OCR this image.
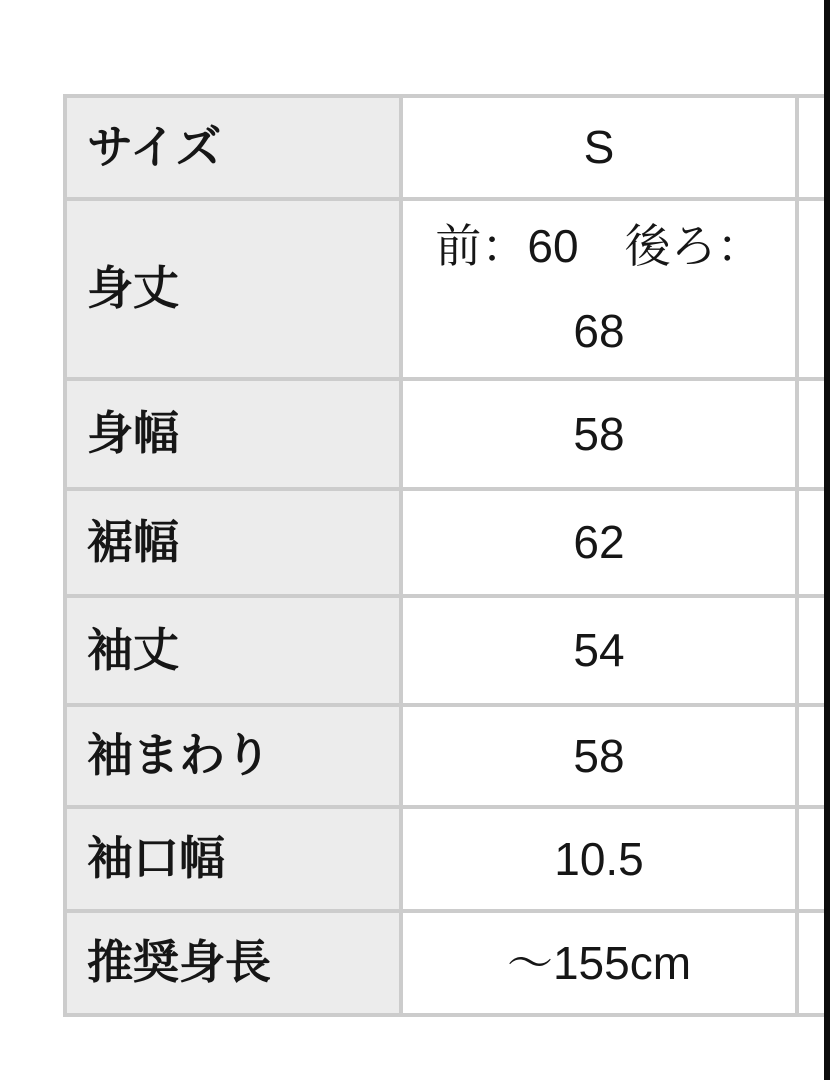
サイズ	S	
身丈	前：60　後ろ：68	
身幅	58	
裾幅	62	
袖丈	54	
袖まわり	58	
袖口幅	10.5	
推奨身長	～155cm	
